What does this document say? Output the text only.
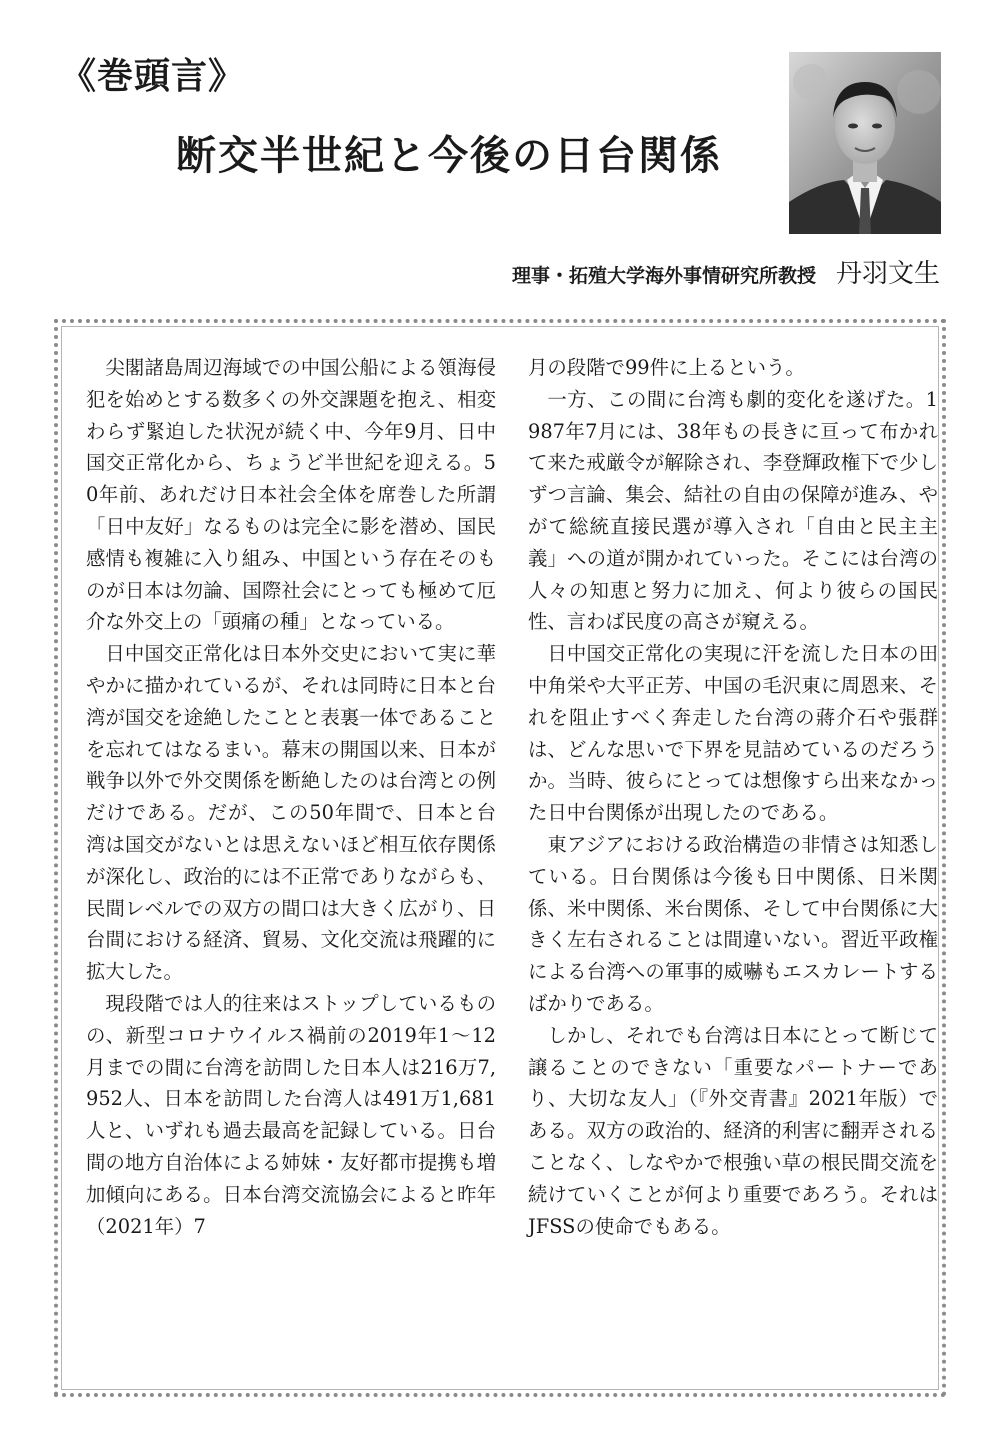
《巻頭言》
断交半世紀と今後の日台関係
理事・拓殖大学海外事情研究所教授 丹羽文生

尖閣諸島周辺海域での中国公船による領海侵犯を始めとする数多くの外交課題を抱え、相変わらず緊迫した状況が続く中、今年9月、日中国交正常化から、ちょうど半世紀を迎える。50年前、あれだけ日本社会全体を席巻した所謂「日中友好」なるものは完全に影を潜め、国民感情も複雑に入り組み、中国という存在そのものが日本は勿論、国際社会にとっても極めて厄介な外交上の「頭痛の種」となっている。

日中国交正常化は日本外交史において実に華やかに描かれているが、それは同時に日本と台湾が国交を途絶したことと表裏一体であることを忘れてはなるまい。幕末の開国以来、日本が戦争以外で外交関係を断絶したのは台湾との例だけである。だが、この50年間で、日本と台湾は国交がないとは思えないほど相互依存関係が深化し、政治的には不正常でありながらも、民間レベルでの双方の間口は大きく広がり、日台間における経済、貿易、文化交流は飛躍的に拡大した。

現段階では人的往来はストップしているものの、新型コロナウイルス禍前の2019年1～12月までの間に台湾を訪問した日本人は216万7,952人、日本を訪問した台湾人は491万1,681人と、いずれも過去最高を記録している。日台間の地方自治体による姉妹・友好都市提携も増加傾向にある。日本台湾交流協会によると昨年（2021年）7

月の段階で99件に上るという。

一方、この間に台湾も劇的変化を遂げた。1987年7月には、38年もの長きに亘って布かれて来た戒厳令が解除され、李登輝政権下で少しずつ言論、集会、結社の自由の保障が進み、やがて総統直接民選が導入され「自由と民主主義」への道が開かれていった。そこには台湾の人々の知恵と努力に加え、何より彼らの国民性、言わば民度の高さが窺える。

日中国交正常化の実現に汗を流した日本の田中角栄や大平正芳、中国の毛沢東に周恩来、それを阻止すべく奔走した台湾の蔣介石や張群は、どんな思いで下界を見詰めているのだろうか。当時、彼らにとっては想像すら出来なかった日中台関係が出現したのである。

東アジアにおける政治構造の非情さは知悉している。日台関係は今後も日中関係、日米関係、米中関係、米台関係、そして中台関係に大きく左右されることは間違いない。習近平政権による台湾への軍事的威嚇もエスカレートするばかりである。

しかし、それでも台湾は日本にとって断じて譲ることのできない「重要なパートナーであり、大切な友人」（『外交青書』2021年版）である。双方の政治的、経済的利害に翻弄されることなく、しなやかで根強い草の根民間交流を続けていくことが何より重要であろう。それはJFSSの使命でもある。
